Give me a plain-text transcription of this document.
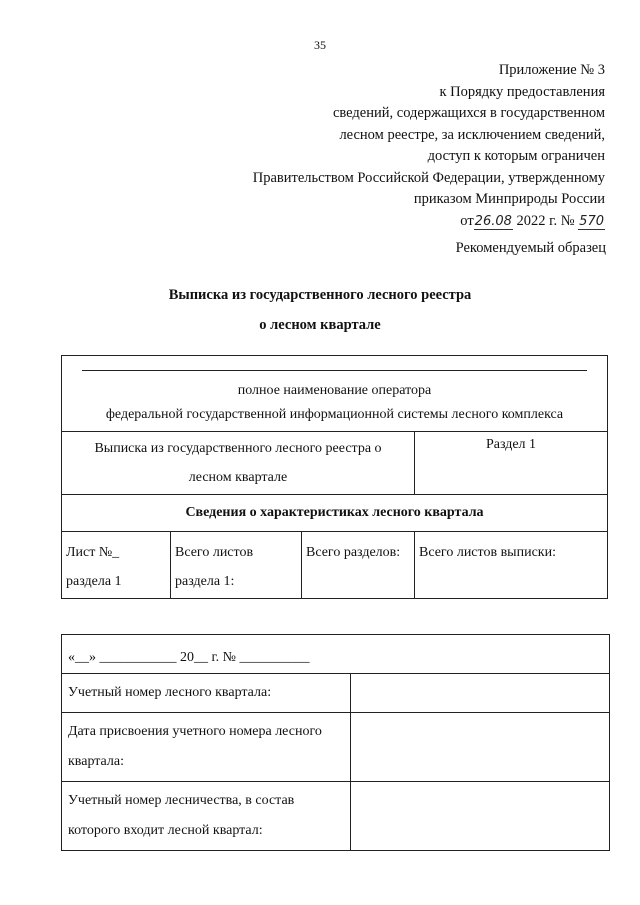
35
Приложение № 3
к Порядку предоставления
сведений, содержащихся в государственном
лесном реестре, за исключением сведений,
доступ к которым ограничен
Правительством Российской Федерации, утвержденному
приказом Минприроды России
от26.08 2022 г. № 570
Рекомендуемый образец
Выписка из государственного лесного реестра
о лесном квартале
полное наименование оператора
федеральной государственной информационной системы лесного комплекса			

Выписка из государственного лесного реестра о лесном квартале			Раздел 1
Сведения о характеристиках лесного квартала			
Лист №_ раздела 1	Всего листов раздела 1:	Всего разделов:	Всего листов выписки:
«__» ___________ 20__ г. № __________	
Учетный номер лесного квартала:	
Дата присвоения учетного номера лесного квартала:	
Учетный номер лесничества, в состав которого входит лесной квартал:	
